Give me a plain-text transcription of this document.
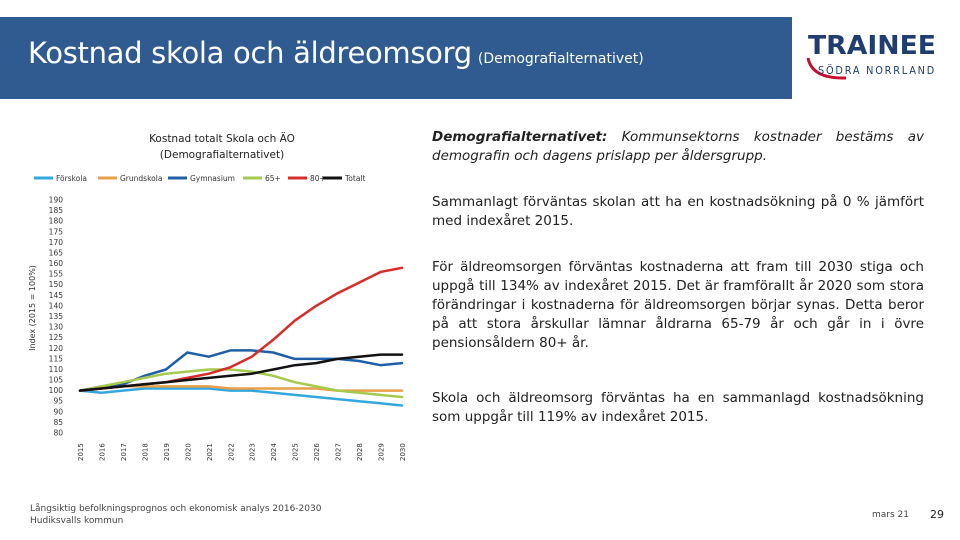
Kostnad skola och äldreomsorg (Demografialternativet)	TRAINEE
SÖDRA NORRLAND
Kostnad totalt Skola och ÄO
(Demografialternativet)
Förskola	Grundskola	Gymnasium	65+	80+	Totalt
Index (2015 = 100%)
80
85
90
95
100
105
110
115
120
125
130
135
140
145
150
155
160
165
170
175
180
185
190
2015 2016 2017 2018 2019 2020 2021 2022 2023 2024 2025 2026 2027 2028 2029 2030
Demografialternativet: Kommunsektorns kostnader bestäms av demografin och dagens prislapp per åldersgrupp.
Sammanlagt förväntas skolan att ha en kostnadsökning på 0 % jämfört med indexåret 2015.
För äldreomsorgen förväntas kostnaderna att fram till 2030 stiga och uppgå till 134% av indexåret 2015. Det är framförallt år 2020 som stora förändringar i kostnaderna för äldreomsorgen börjar synas. Detta beror på att stora årskullar lämnar åldrarna 65-79 år och går in i övre pensionsåldern 80+ år.
Skola och äldreomsorg förväntas ha en sammanlagd kostnadsökning som uppgår till 119% av indexåret 2015.
Långsiktig befolkningsprognos och ekonomisk analys 2016-2030
Hudiksvalls kommun
mars 21 29
